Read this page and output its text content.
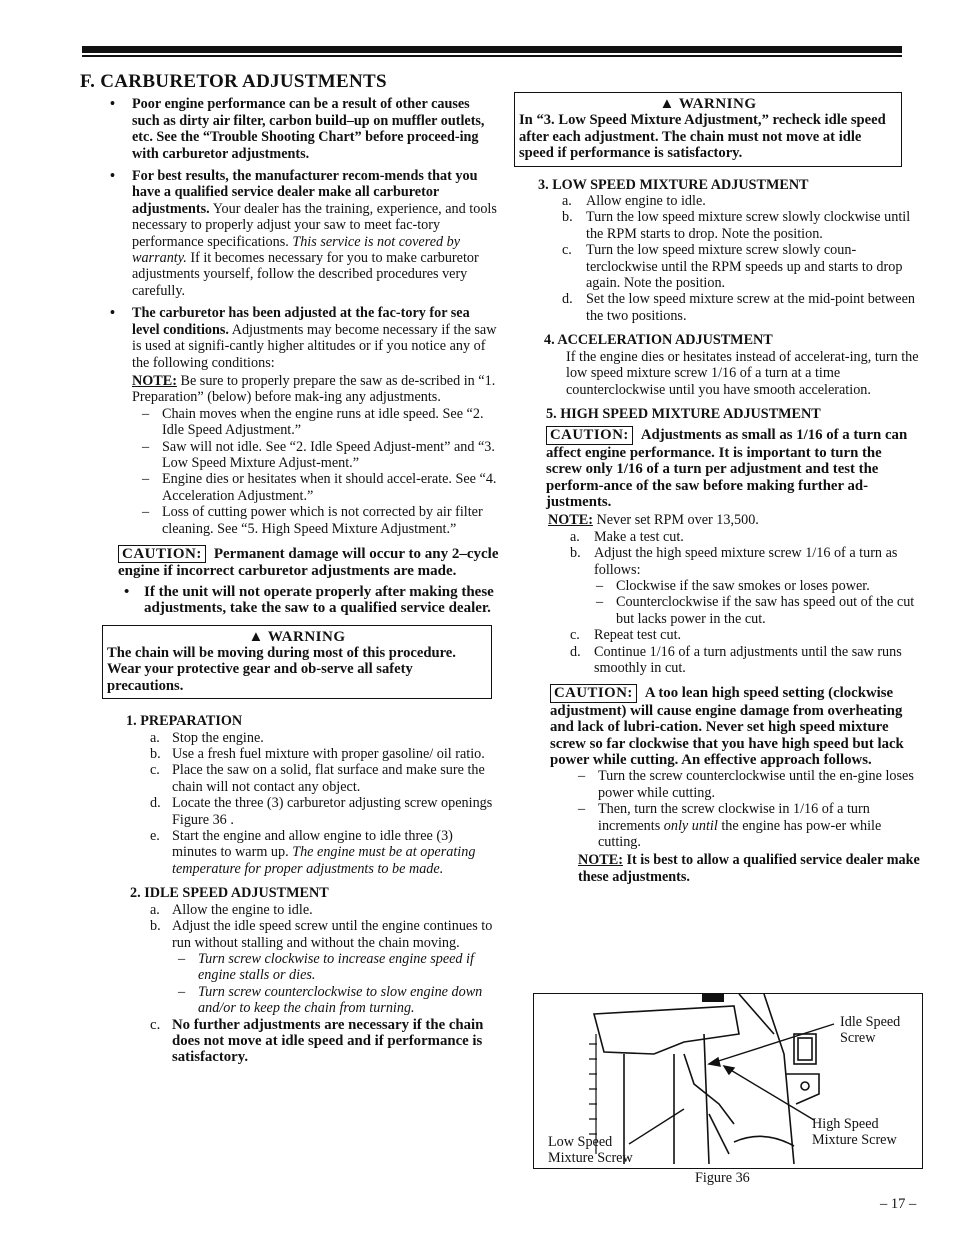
F. CARBURETOR ADJUSTMENTS
• Poor engine performance can be a result of other causes such as dirty air filter, carbon build–up on muffler outlets, etc. See the “Trouble Shooting Chart” before proceed-ing with carburetor adjustments.
• For best results, the manufacturer recom-mends that you have a qualified service dealer make all carburetor adjustments. Your dealer has the training, experience, and tools necessary to properly adjust your saw to meet fac-tory performance specifications. This service is not covered by warranty. If it becomes necessary for you to make carburetor adjustments yourself, follow the described procedures very carefully.
• The carburetor has been adjusted at the fac-tory for sea level conditions. Adjustments may become necessary if the saw is used at signifi-cantly higher altitudes or if you notice any of the following conditions:
NOTE: Be sure to properly prepare the saw as de-scribed in “1. Preparation” (below) before mak-ing any adjustments.
– Chain moves when the engine runs at idle speed. See “2. Idle Speed Adjustment.”
– Saw will not idle. See “2. Idle Speed Adjust-ment” and “3. Low Speed Mixture Adjust-ment.”
– Engine dies or hesitates when it should accel-erate. See “4. Acceleration Adjustment.”
– Loss of cutting power which is not corrected by air filter cleaning. See “5. High Speed Mixture Adjustment.”
CAUTION: Permanent damage will occur to any 2–cycle engine if incorrect carburetor adjustments are made.
• If the unit will not operate properly after making these adjustments, take the saw to a qualified service dealer.
▲ WARNING
The chain will be moving during most of this procedure. Wear your protective gear and ob-serve all safety precautions.
1. PREPARATION
a. Stop the engine.
b. Use a fresh fuel mixture with proper gasoline/ oil ratio.
c. Place the saw on a solid, flat surface and make sure the chain will not contact any object.
d. Locate the three (3) carburetor adjusting screw openings Figure 36 .
e. Start the engine and allow engine to idle three (3) minutes to warm up. The engine must be at operating temperature for proper adjustments to be made.
2. IDLE SPEED ADJUSTMENT
a. Allow the engine to idle.
b. Adjust the idle speed screw until the engine continues to run without stalling and without the chain moving.
– Turn screw clockwise to increase engine speed if engine stalls or dies.
– Turn screw counterclockwise to slow engine down and/or to keep the chain from turning.
c. No further adjustments are necessary if the chain does not move at idle speed and if performance is satisfactory.
▲ WARNING
In “3. Low Speed Mixture Adjustment,” recheck idle speed after each adjustment. The chain must not move at idle speed if performance is satisfactory.
3. LOW SPEED MIXTURE ADJUSTMENT
a. Allow engine to idle.
b. Turn the low speed mixture screw slowly clockwise until the RPM starts to drop. Note the position.
c. Turn the low speed mixture screw slowly coun-terclockwise until the RPM speeds up and starts to drop again. Note the position.
d. Set the low speed mixture screw at the mid-point between the two positions.
4. ACCELERATION ADJUSTMENT
If the engine dies or hesitates instead of accelerat-ing, turn the low speed mixture screw 1/16 of a turn at a time counterclockwise until you have smooth acceleration.
5. HIGH SPEED MIXTURE ADJUSTMENT
CAUTION: Adjustments as small as 1/16 of a turn can affect engine performance. It is important to turn the screw only 1/16 of a turn per adjustment and test the perform-ance of the saw before making further ad-justments.
NOTE: Never set RPM over 13,500.
a. Make a test cut.
b. Adjust the high speed mixture screw 1/16 of a turn as follows:
– Clockwise if the saw smokes or loses power.
– Counterclockwise if the saw has speed out of the cut but lacks power in the cut.
c. Repeat test cut.
d. Continue 1/16 of a turn adjustments until the saw runs smoothly in cut.
CAUTION: A too lean high speed setting (clockwise adjustment) will cause engine damage from overheating and lack of lubri-cation. Never set high speed mixture screw so far clockwise that you have high speed but lack power while cutting. An effective approach follows.
– Turn the screw counterclockwise until the en-gine loses power while cutting.
– Then, turn the screw clockwise in 1/16 of a turn increments only until the engine has pow-er while cutting.
NOTE: It is best to allow a qualified service dealer make these adjustments.
Idle Speed Screw
High Speed Mixture Screw
Low Speed Mixture Screw
Figure 36
– 17 –
